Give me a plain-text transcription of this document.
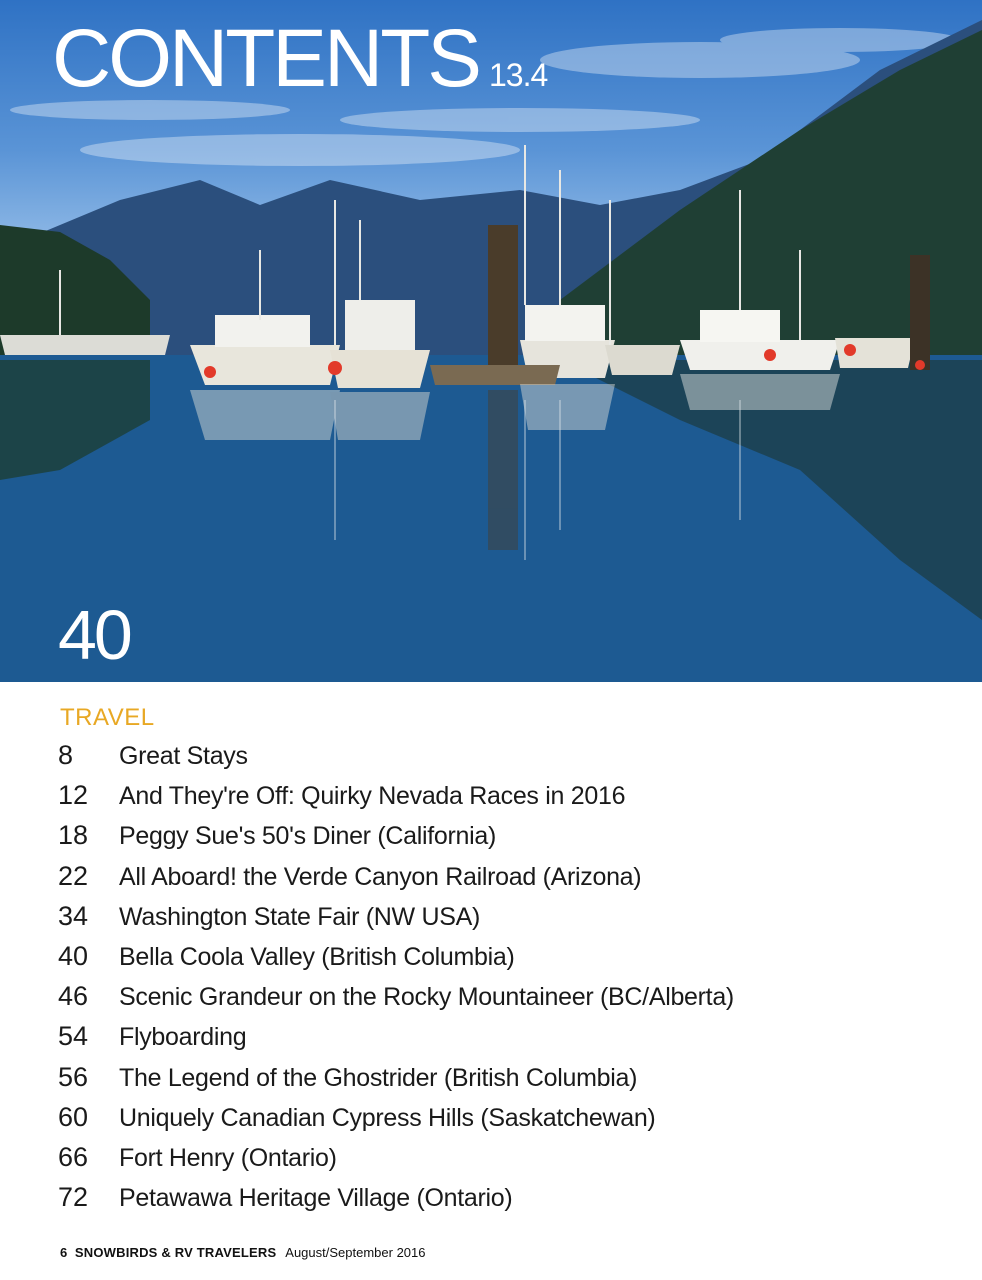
CONTENTS 13.4
40
TRAVEL
8	Great Stays
12	And They're Off: Quirky Nevada Races in 2016
18	Peggy Sue's 50's Diner (California)
22	All Aboard! the Verde Canyon Railroad (Arizona)
34	Washington State Fair (NW USA)
40	Bella Coola Valley (British Columbia)
46	Scenic Grandeur on the Rocky Mountaineer (BC/Alberta)
54	Flyboarding
56	The Legend of the Ghostrider (British Columbia)
60	Uniquely Canadian Cypress Hills (Saskatchewan)
66	Fort Henry (Ontario)
72	Petawawa Heritage Village (Ontario)
6 SNOWBIRDS & RV TRAVELERS August/September 2016
